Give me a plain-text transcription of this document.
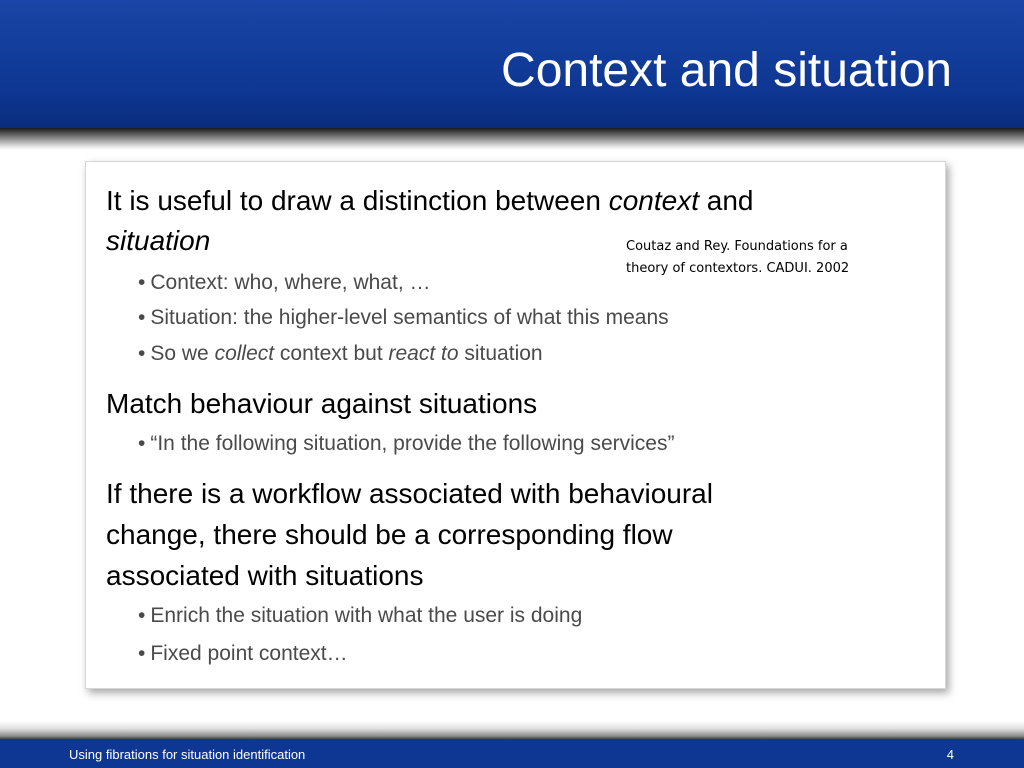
Context and situation

It is useful to draw a distinction between context and

situation

• Context: who, where, what, …

• Situation: the higher-level semantics of what this means

• So we collect context but react to situation

Match behaviour against situations

• “In the following situation, provide the following services”

If there is a workflow associated with behavioural

change, there should be a corresponding flow

associated with situations

• Enrich the situation with what the user is doing

• Fixed point context…

Coutaz and Rey. Foundations for a
theory of contextors. CADUI. 2002
Using fibrations for situation identification	4
